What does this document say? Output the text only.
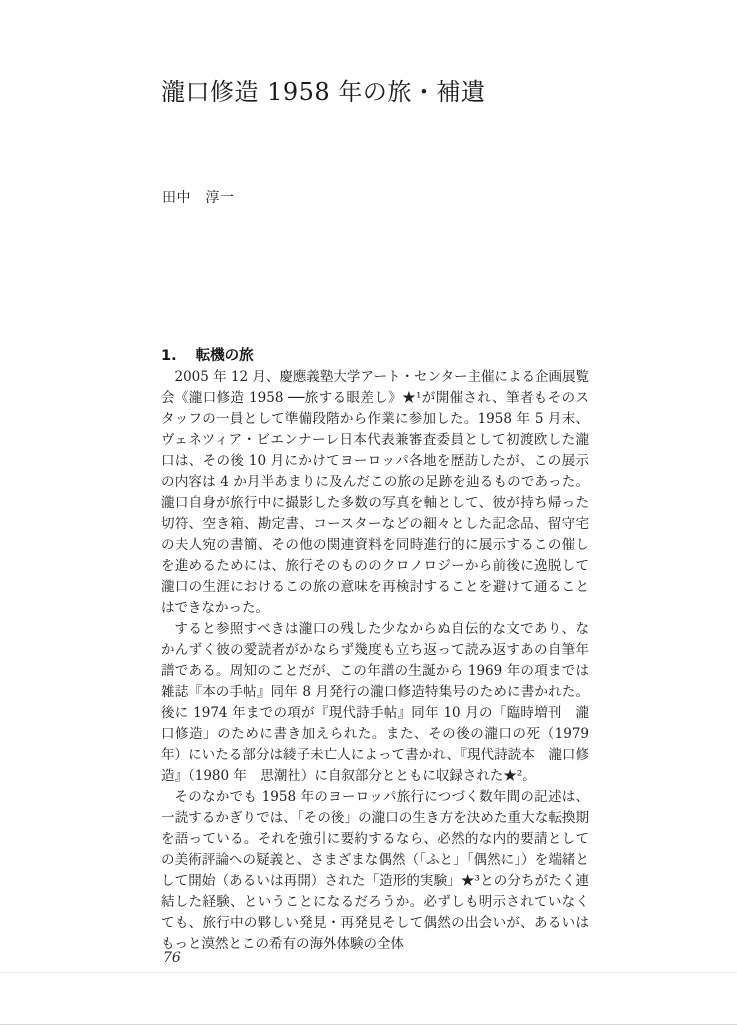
瀧口修造 1958 年の旅・補遺
田中　淳一
1. 転機の旅

2005 年 12 月、慶應義塾大学アート・センター主催による企画展覧会《瀧口修造 1958 ──旅する眼差し》★¹が開催され、筆者もそのスタッフの一員として準備段階から作業に参加した。1958 年 5 月末、ヴェネツィア・ビエンナーレ日本代表兼審査委員として初渡欧した瀧口は、その後 10 月にかけてヨーロッパ各地を歴訪したが、この展示の内容は 4 か月半あまりに及んだこの旅の足跡を辿るものであった。瀧口自身が旅行中に撮影した多数の写真を軸として、彼が持ち帰った切符、空き箱、勘定書、コースターなどの細々とした記念品、留守宅の夫人宛の書簡、その他の関連資料を同時進行的に展示するこの催しを進めるためには、旅行そのもののクロノロジーから前後に逸脱して瀧口の生涯におけるこの旅の意味を再検討することを避けて通ることはできなかった。

すると参照すべきは瀧口の残した少なからぬ自伝的な文であり、なかんずく彼の愛読者がかならず幾度も立ち返って読み返すあの自筆年譜である。周知のことだが、この年譜の生誕から 1969 年の項までは雑誌『本の手帖』同年 8 月発行の瀧口修造特集号のために書かれた。後に 1974 年までの項が『現代詩手帖』同年 10 月の「臨時増刊　瀧口修造」のために書き加えられた。また、その後の瀧口の死（1979 年）にいたる部分は綾子未亡人によって書かれ、『現代詩読本　瀧口修造』（1980 年　思潮社）に自叙部分とともに収録された★²。

そのなかでも 1958 年のヨーロッパ旅行につづく数年間の記述は、一読するかぎりでは、「その後」の瀧口の生き方を決めた重大な転換期を語っている。それを強引に要約するなら、必然的な内的要請としての美術評論への疑義と、さまざまな偶然（「ふと」「偶然に」）を端緒として開始（あるいは再開）された「造形的実験」★³との分ちがたく連結した経験、ということになるだろうか。必ずしも明示されていなくても、旅行中の夥しい発見・再発見そして偶然の出会いが、あるいはもっと漠然とこの希有の海外体験の全体

76
